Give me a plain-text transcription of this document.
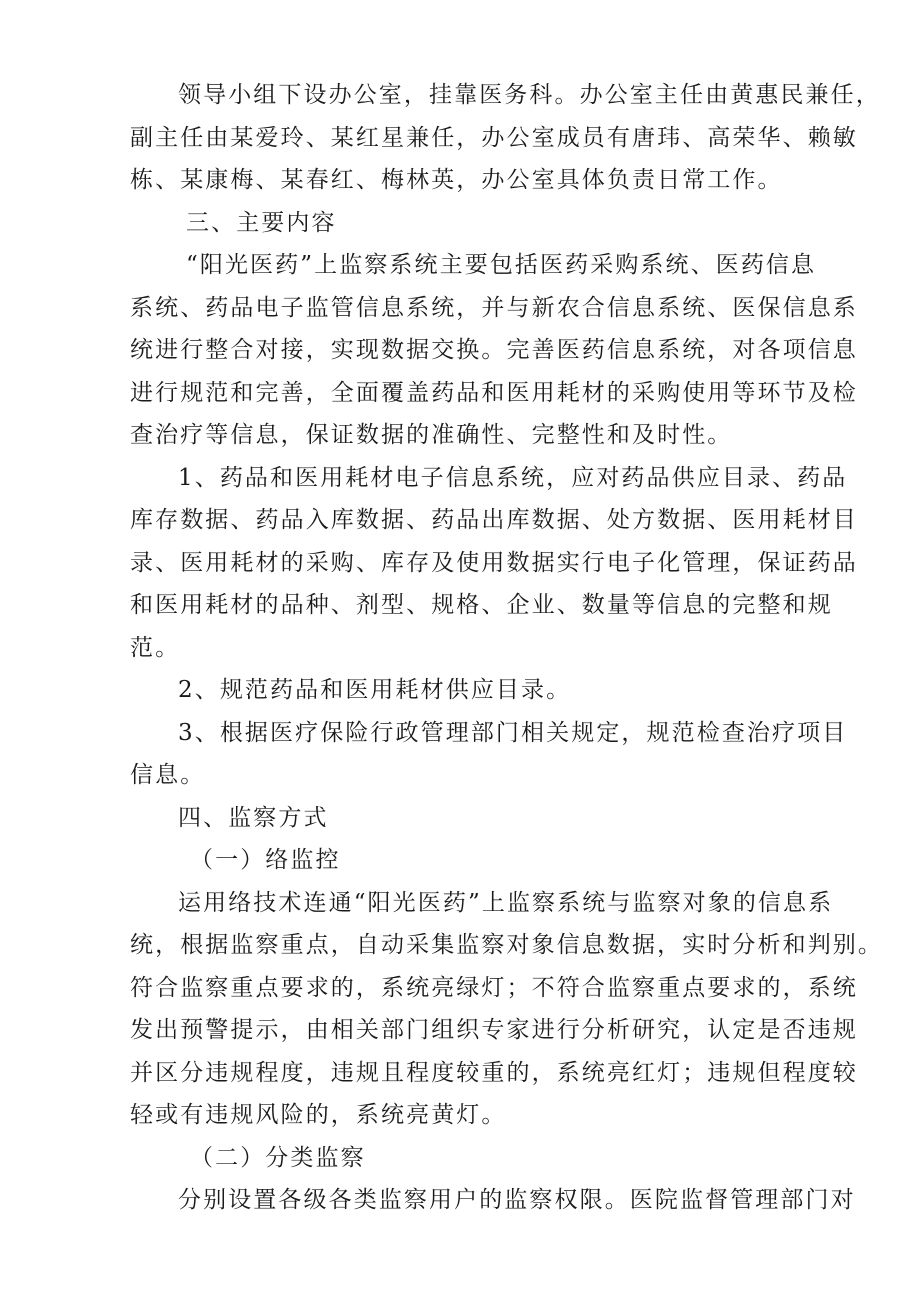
领导小组下设办公室，挂靠医务科。办公室主任由黄惠民兼任，
副主任由某爱玲、某红星兼任，办公室成员有唐玮、高荣华、赖敏
栋、某康梅、某春红、梅林英，办公室具体负责日常工作。
三、主要内容
“阳光医药”上监察系统主要包括医药采购系统、医药信息
系统、药品电子监管信息系统，并与新农合信息系统、医保信息系
统进行整合对接，实现数据交换。完善医药信息系统，对各项信息
进行规范和完善，全面覆盖药品和医用耗材的采购使用等环节及检
查治疗等信息，保证数据的准确性、完整性和及时性。
1、药品和医用耗材电子信息系统，应对药品供应目录、药品
库存数据、药品入库数据、药品出库数据、处方数据、医用耗材目
录、医用耗材的采购、库存及使用数据实行电子化管理，保证药品
和医用耗材的品种、剂型、规格、企业、数量等信息的完整和规
范。
2、规范药品和医用耗材供应目录。
3、根据医疗保险行政管理部门相关规定，规范检查治疗项目
信息。
四、监察方式
（一）络监控
运用络技术连通“阳光医药”上监察系统与监察对象的信息系
统，根据监察重点，自动采集监察对象信息数据，实时分析和判别。
符合监察重点要求的，系统亮绿灯；不符合监察重点要求的，系统
发出预警提示，由相关部门组织专家进行分析研究，认定是否违规
并区分违规程度，违规且程度较重的，系统亮红灯；违规但程度较
轻或有违规风险的，系统亮黄灯。
（二）分类监察
分别设置各级各类监察用户的监察权限。医院监督管理部门对
